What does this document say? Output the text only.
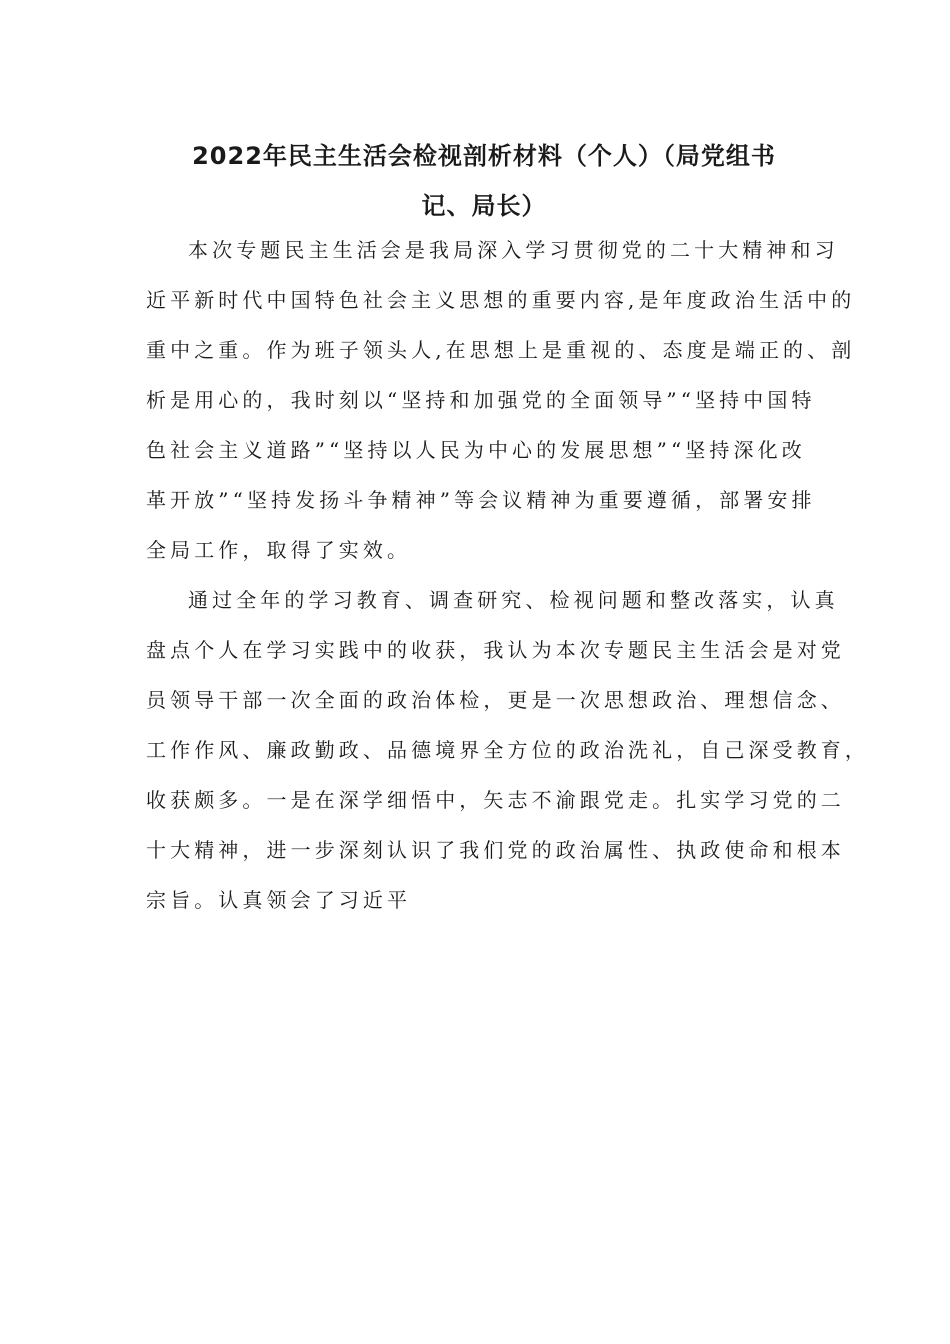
2022年民主生活会检视剖析材料（个人）（局党组书
记、局长）

本次专题民主生活会是我局深入学习贯彻党的二十大精神和习

近平新时代中国特色社会主义思想的重要内容,是年度政治生活中的

重中之重。作为班子领头人,在思想上是重视的、态度是端正的、剖

析是用心的，我时刻以“坚持和加强党的全面领导”“坚持中国特

色社会主义道路”“坚持以人民为中心的发展思想”“坚持深化改

革开放”“坚持发扬斗争精神”等会议精神为重要遵循，部署安排

全局工作，取得了实效。

通过全年的学习教育、调查研究、检视问题和整改落实，认真

盘点个人在学习实践中的收获，我认为本次专题民主生活会是对党

员领导干部一次全面的政治体检，更是一次思想政治、理想信念、

工作作风、廉政勤政、品德境界全方位的政治洗礼，自己深受教育，

收获颇多。一是在深学细悟中，矢志不渝跟党走。扎实学习党的二

十大精神，进一步深刻认识了我们党的政治属性、执政使命和根本

宗旨。认真领会了习近平
